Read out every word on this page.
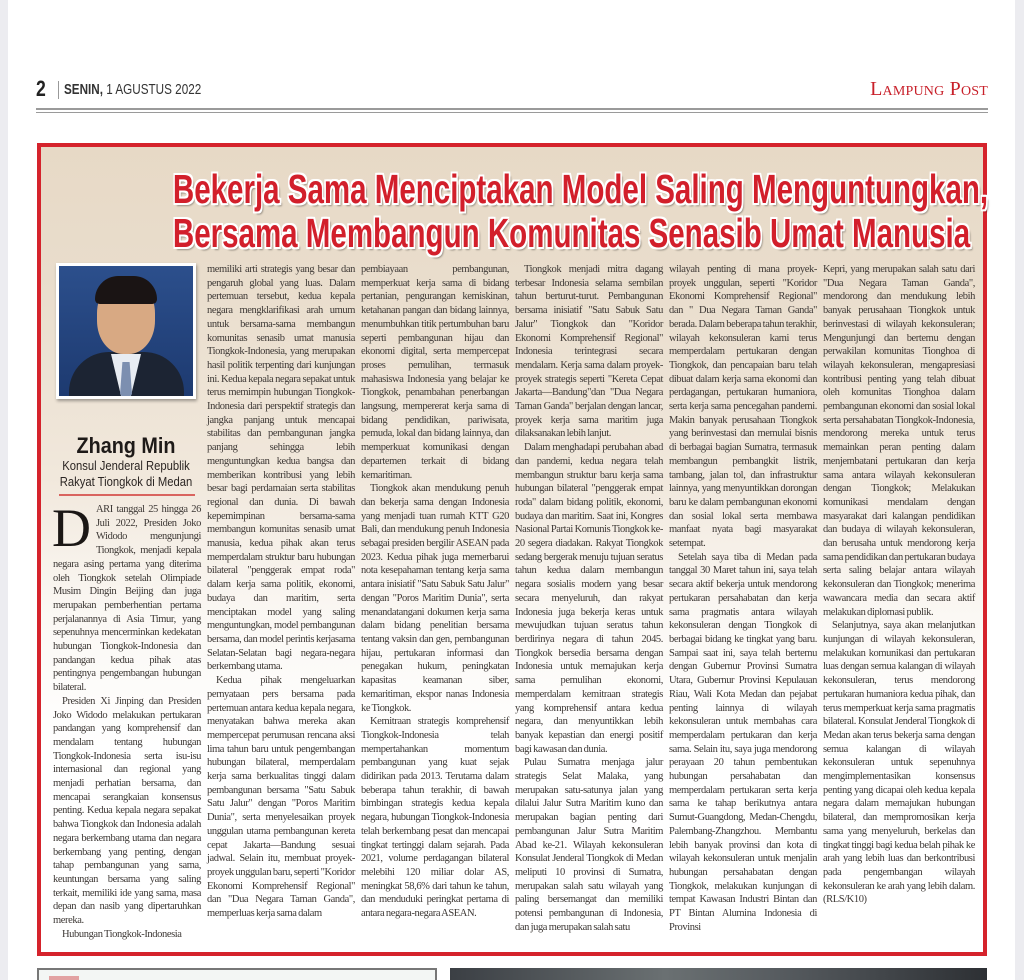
2 SENIN, 1 AGUSTUS 2022	Lampung Post
Bekerja Sama Menciptakan Model Saling Menguntungkan,
Bersama Membangun Komunitas Senasib Umat Manusia
Zhang Min
Konsul Jenderal Republik Rakyat Tiongkok di Medan
D ARI tanggal 25 hingga 26 Juli 2022, Presiden Joko Widodo mengunjungi Tiongkok, menjadi kepala negara asing pertama yang diterima oleh Tiongkok setelah Olimpiade Musim Dingin Beijing dan juga merupakan pemberhentian pertama perjalanannya di Asia Timur, yang sepenuhnya mencerminkan kedekatan hubungan Tiongkok-Indonesia dan pandangan kedua pihak atas pentingnya pengembangan hubungan bilateral.

Presiden Xi Jinping dan Presiden Joko Widodo melakukan pertukaran pandangan yang komprehensif dan mendalam tentang hubungan Tiongkok-Indonesia serta isu-isu internasional dan regional yang menjadi perhatian bersama, dan mencapai serangkaian konsensus penting. Kedua kepala negara sepakat bahwa Tiongkok dan Indonesia adalah negara berkembang utama dan negara berkembang yang penting, dengan tahap pembangunan yang sama, keuntungan bersama yang saling terkait, memiliki ide yang sama, masa depan dan nasib yang dipertaruhkan mereka.

Hubungan Tiongkok-Indonesia

memiliki arti strategis yang besar dan pengaruh global yang luas. Dalam pertemuan tersebut, kedua kepala negara mengklarifikasi arah umum untuk bersama-sama membangun komunitas senasib umat manusia Tiongkok-Indonesia, yang merupakan hasil politik terpenting dari kunjungan ini. Kedua kepala negara sepakat untuk terus memimpin hubungan Tiongkok-Indonesia dari perspektif strategis dan jangka panjang untuk mencapai stabilitas dan pembangunan jangka panjang sehingga lebih menguntungkan kedua bangsa dan memberikan kontribusi yang lebih besar bagi perdamaian serta stabilitas regional dan dunia. Di bawah kepemimpinan bersama-sama membangun komunitas senasib umat manusia, kedua pihak akan terus memperdalam struktur baru hubungan bilateral "penggerak empat roda" dalam kerja sama politik, ekonomi, budaya dan maritim, serta menciptakan model yang saling menguntungkan, model pembangunan bersama, dan model perintis kerjasama Selatan-Selatan bagi negara-negara berkembang utama.

Kedua pihak mengeluarkan pernyataan pers bersama pada pertemuan antara kedua kepala negara, menyatakan bahwa mereka akan mempercepat perumusan rencana aksi lima tahun baru untuk pengembangan hubungan bilateral, memperdalam kerja sama berkualitas tinggi dalam pembangunan bersama "Satu Sabuk Satu Jalur" dengan "Poros Maritim Dunia", serta menyelesaikan proyek unggulan utama pembangunan kereta cepat Jakarta—Bandung sesuai jadwal. Selain itu, membuat proyek-proyek unggulan baru, seperti "Koridor Ekonomi Komprehensif Regional" dan "Dua Negara Taman Ganda", memperluas kerja sama dalam

pembiayaan pembangunan, memperkuat kerja sama di bidang pertanian, pengurangan kemiskinan, ketahanan pangan dan bidang lainnya, menumbuhkan titik pertumbuhan baru seperti pembangunan hijau dan ekonomi digital, serta mempercepat proses pemulihan, termasuk mahasiswa Indonesia yang belajar ke Tiongkok, penambahan penerbangan langsung, mempererat kerja sama di bidang pendidikan, pariwisata, pemuda, lokal dan bidang lainnya, dan memperkuat komunikasi dengan departemen terkait di bidang kemaritiman.

Tiongkok akan mendukung penuh dan bekerja sama dengan Indonesia yang menjadi tuan rumah KTT G20 Bali, dan mendukung penuh Indonesia sebagai presiden bergilir ASEAN pada 2023. Kedua pihak juga memerbarui nota kesepahaman tentang kerja sama antara inisiatif "Satu Sabuk Satu Jalur" dengan "Poros Maritim Dunia", serta menandatangani dokumen kerja sama dalam bidang penelitian bersama tentang vaksin dan gen, pembangunan hijau, pertukaran informasi dan penegakan hukum, peningkatan kapasitas keamanan siber, kemaritiman, ekspor nanas Indonesia ke Tiongkok.

Kemitraan strategis komprehensif Tiongkok-Indonesia telah mempertahankan momentum pembangunan yang kuat sejak didirikan pada 2013. Terutama dalam beberapa tahun terakhir, di bawah bimbingan strategis kedua kepala negara, hubungan Tiongkok-Indonesia telah berkembang pesat dan mencapai tingkat tertinggi dalam sejarah. Pada 2021, volume perdagangan bilateral melebihi 120 miliar dolar AS, meningkat 58,6% dari tahun ke tahun, dan menduduki peringkat pertama di antara negara-negara ASEAN.

Tiongkok menjadi mitra dagang terbesar Indonesia selama sembilan tahun berturut-turut. Pembangunan bersama inisiatif "Satu Sabuk Satu Jalur" Tiongkok dan "Koridor Ekonomi Komprehensif Regional" Indonesia terintegrasi secara mendalam. Kerja sama dalam proyek-proyek strategis seperti "Kereta Cepat Jakarta—Bandung"dan "Dua Negara Taman Ganda" berjalan dengan lancar, proyek kerja sama maritim juga dilaksanakan lebih lanjut.

Dalam menghadapi perubahan abad dan pandemi, kedua negara telah membangun struktur baru kerja sama hubungan bilateral "penggerak empat roda" dalam bidang politik, ekonomi, budaya dan maritim. Saat ini, Kongres Nasional Partai Komunis Tiongkok ke-20 segera diadakan. Rakyat Tiongkok sedang bergerak menuju tujuan seratus tahun kedua dalam membangun negara sosialis modern yang besar secara menyeluruh, dan rakyat Indonesia juga bekerja keras untuk mewujudkan tujuan seratus tahun berdirinya negara di tahun 2045. Tiongkok bersedia bersama dengan Indonesia untuk memajukan kerja sama pemulihan ekonomi, memperdalam kemitraan strategis yang komprehensif antara kedua negara, dan menyuntikkan lebih banyak kepastian dan energi positif bagi kawasan dan dunia.

Pulau Sumatra menjaga jalur strategis Selat Malaka, yang merupakan satu-satunya jalan yang dilalui Jalur Sutra Maritim kuno dan merupakan bagian penting dari pembangunan Jalur Sutra Maritim Abad ke-21. Wilayah kekonsuleran Konsulat Jenderal Tiongkok di Medan meliputi 10 provinsi di Sumatra, merupakan salah satu wilayah yang paling bersemangat dan memiliki potensi pembangunan di Indonesia, dan juga merupakan salah satu

wilayah penting di mana proyek-proyek unggulan, seperti "Koridor Ekonomi Komprehensif Regional" dan " Dua Negara Taman Ganda" berada. Dalam beberapa tahun terakhir, wilayah kekonsuleran kami terus memperdalam pertukaran dengan Tiongkok, dan pencapaian baru telah dibuat dalam kerja sama ekonomi dan perdagangan, pertukaran humaniora, serta kerja sama pencegahan pandemi. Makin banyak perusahaan Tiongkok yang berinvestasi dan memulai bisnis di berbagai bagian Sumatra, termasuk membangun pembangkit listrik, tambang, jalan tol, dan infrastruktur lainnya, yang menyuntikkan dorongan baru ke dalam pembangunan ekonomi dan sosial lokal serta membawa manfaat nyata bagi masyarakat setempat.

Setelah saya tiba di Medan pada tanggal 30 Maret tahun ini, saya telah secara aktif bekerja untuk mendorong pertukaran persahabatan dan kerja sama pragmatis antara wilayah kekonsuleran dengan Tiongkok di berbagai bidang ke tingkat yang baru. Sampai saat ini, saya telah bertemu dengan Gubernur Provinsi Sumatra Utara, Gubernur Provinsi Kepulauan Riau, Wali Kota Medan dan pejabat penting lainnya di wilayah kekonsuleran untuk membahas cara memperdalam pertukaran dan kerja sama. Selain itu, saya juga mendorong perayaan 20 tahun pembentukan hubungan persahabatan dan memperdalam pertukaran serta kerja sama ke tahap berikutnya antara Sumut-Guangdong, Medan-Chengdu, Palembang-Zhangzhou. Membantu lebih banyak provinsi dan kota di wilayah kekonsuleran untuk menjalin hubungan persahabatan dengan Tiongkok, melakukan kunjungan di tempat Kawasan Industri Bintan dan PT Bintan Alumina Indonesia di Provinsi

Kepri, yang merupakan salah satu dari "Dua Negara Taman Ganda", mendorong dan mendukung lebih banyak perusahaan Tiongkok untuk berinvestasi di wilayah kekonsuleran; Mengunjungi dan bertemu dengan perwakilan komunitas Tionghoa di wilayah kekonsuleran, mengapresiasi kontribusi penting yang telah dibuat oleh komunitas Tionghoa dalam pembangunan ekonomi dan sosial lokal serta persahabatan Tiongkok-Indonesia, mendorong mereka untuk terus memainkan peran penting dalam menjembatani pertukaran dan kerja sama antara wilayah kekonsuleran dengan Tiongkok; Melakukan komunikasi mendalam dengan masyarakat dari kalangan pendidikan dan budaya di wilayah kekonsuleran, dan berusaha untuk mendorong kerja sama pendidikan dan pertukaran budaya serta saling belajar antara wilayah kekonsuleran dan Tiongkok; menerima wawancara media dan secara aktif melakukan diplomasi publik.

Selanjutnya, saya akan melanjutkan kunjungan di wilayah kekonsuleran, melakukan komunikasi dan pertukaran luas dengan semua kalangan di wilayah kekonsuleran, terus mendorong pertukaran humaniora kedua pihak, dan terus memperkuat kerja sama pragmatis bilateral. Konsulat Jenderal Tiongkok di Medan akan terus bekerja sama dengan semua kalangan di wilayah kekonsuleran untuk sepenuhnya mengimplementasikan konsensus penting yang dicapai oleh kedua kepala negara dalam memajukan hubungan bilateral, dan mempromosikan kerja sama yang menyeluruh, berkelas dan tingkat tinggi bagi kedua belah pihak ke arah yang lebih luas dan berkontribusi pada pengembangan wilayah kekonsuleran ke arah yang lebih dalam. (RLS/K10)
